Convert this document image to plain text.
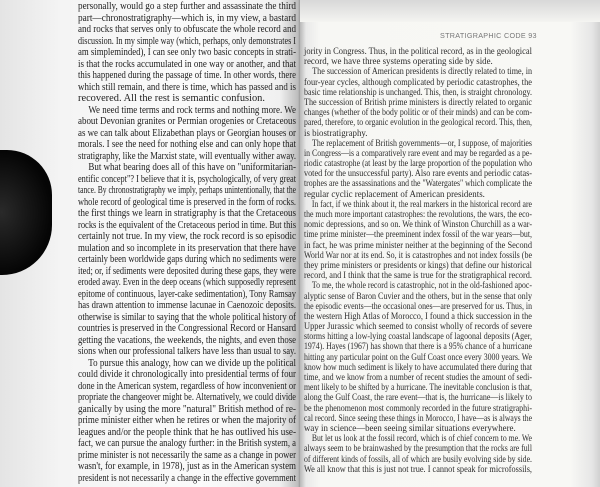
personally, would go a step further and assassinate the third
part—chronostratigraphy—which is, in my view, a bastard
and rocks that serves only to obfuscate the whole record and
discussion. In my simple way (which, perhaps, only demonstrates I
am simpleminded), I can see only two basic concepts in strati-
is that the rocks accumulated in one way or another, and that
this happened during the passage of time. In other words, there
which still remain, and there is time, which has passed and is
recovered. All the rest is semantic confusion.
We need time terms and rock terms and nothing more. We
about Devonian granites or Permian orogenies or Cretaceous
as we can talk about Elizabethan plays or Georgian houses or
morals. I see the need for nothing else and can only hope that
stratigraphy, like the Marxist state, will eventually wither away.
But what bearing does all of this have on "uniformitarian-
entific concept"? I believe that it is, psychologically, of very great
tance. By chronostratigraphy we imply, perhaps unintentionally, that the
whole record of geological time is preserved in the form of rocks.
the first things we learn in stratigraphy is that the Cretaceous
rocks is the equivalent of the Cretaceous period in time. But this
certainly not true. In my view, the rock record is so episodic
mulation and so incomplete in its preservation that there have
certainly been worldwide gaps during which no sediments were
ited; or, if sediments were deposited during these gaps, they were
eroded away. Even in the deep oceans (which supposedly represent
epitome of continuous, layer-cake sedimentation), Tony Ramsay
has drawn attention to immense lacunae in Caenozoic deposits.
otherwise is similar to saying that the whole political history of
countries is preserved in the Congressional Record or Hansard
getting the vacations, the weekends, the nights, and even those
sions when our professional talkers have less than usual to say.
To pursue this analogy, how can we divide up the political
could divide it chronologically into presidential terms of four
done in the American system, regardless of how inconvenient or
propriate the changeover might be. Alternatively, we could divide
ganically by using the more "natural" British method of re-
prime minister either when he retires or when the majority of
leagues and/or the people think that he has outlived his use-
fact, we can pursue the analogy further: in the British system, a
prime minister is not necessarily the same as a change in power
wasn't, for example, in 1978), just as in the American system
president is not necessarily a change in the effective government
STRATIGRAPHIC CODE 93
jority in Congress. Thus, in the political record, as in the geological
record, we have three systems operating side by side.
The succession of American presidents is directly related to time, in
four-year cycles, although complicated by periodic catastrophes, the
basic time relationship is unchanged. This, then, is straight chronology.
The succession of British prime ministers is directly related to organic
changes (whether of the body politic or of their minds) and can be com-
pared, therefore, to organic evolution in the geological record. This, then,
is biostratigraphy.
The replacement of British governments—or, I suppose, of majorities
in Congress—is a comparatively rare event and may be regarded as a pe-
riodic catastrophe (at least by the large proportion of the population who
voted for the unsuccessful party). Also rare events and periodic catas-
trophes are the assassinations and the "Watergates" which complicate the
regular cyclic replacement of American presidents.
In fact, if we think about it, the real markers in the historical record are
the much more important catastrophes: the revolutions, the wars, the eco-
nomic depressions, and so on. We think of Winston Churchill as a war-
time prime minister—the preeminent index fossil of the war years—but,
in fact, he was prime minister neither at the beginning of the Second
World War nor at its end. So, it is catastrophes and not index fossils (be
they prime ministers or presidents or kings) that define our historical
record, and I think that the same is true for the stratigraphical record.
To me, the whole record is catastrophic, not in the old-fashioned apoc-
alyptic sense of Baron Cuvier and the others, but in the sense that only
the episodic events—the occasional ones—are preserved for us. Thus, in
the western High Atlas of Morocco, I found a thick succession in the
Upper Jurassic which seemed to consist wholly of records of severe
storms hitting a low-lying coastal landscape of lagoonal deposits (Ager,
1974). Hayes (1967) has shown that there is a 95% chance of a hurricane
hitting any particular point on the Gulf Coast once every 3000 years. We
know how much sediment is likely to have accumulated there during that
time, and we know from a number of recent studies the amount of sedi-
ment likely to be shifted by a hurricane. The inevitable conclusion is that,
along the Gulf Coast, the rare event—that is, the hurricane—is likely to
be the phenomenon most commonly recorded in the future stratigraphi-
cal record. Since seeing these things in Morocco, I have—as is always the
way in science—been seeing similar situations everywhere.
But let us look at the fossil record, which is of chief concern to me. We
always seem to be brainwashed by the presumption that the rocks are full
of different kinds of fossils, all of which are busily evolving side by side.
We all know that this is just not true. I cannot speak for microfossils,
